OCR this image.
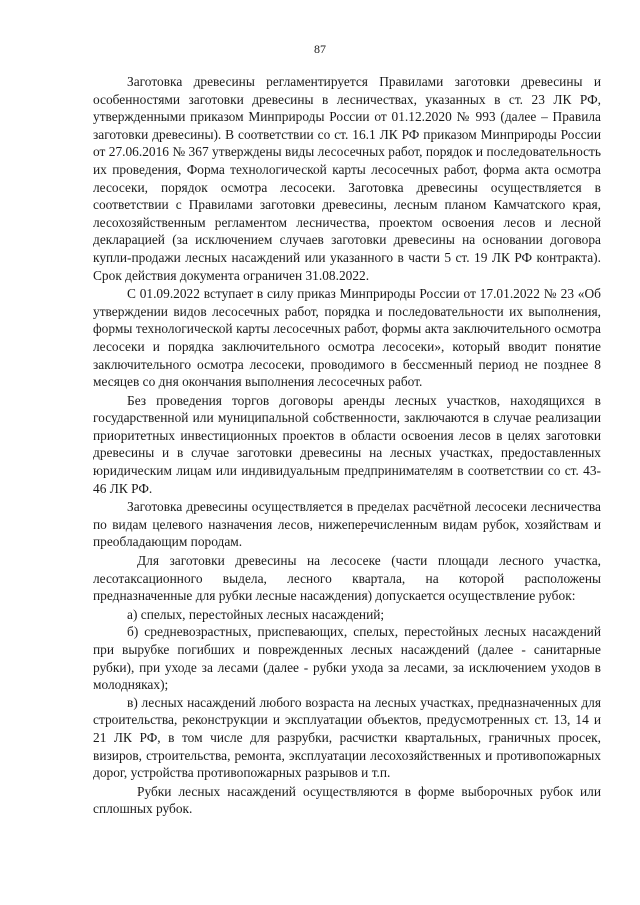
87

Заготовка древесины регламентируется Правилами заготовки древесины и особенностями заготовки древесины в лесничествах, указанных в ст. 23 ЛК РФ, утвержденными приказом Минприроды России от 01.12.2020 № 993 (далее – Правила заготовки древесины). В соответствии со ст. 16.1 ЛК РФ приказом Минприроды России от 27.06.2016 № 367 утверждены виды лесосечных работ, порядок и последовательность их проведения, Форма технологической карты лесосечных работ, форма акта осмотра лесосеки, порядок осмотра лесосеки. Заготовка древесины осуществляется в соответствии с Правилами заготовки древесины, лесным планом Камчатского края, лесохозяйственным регламентом лесничества, проектом освоения лесов и лесной декларацией (за исключением случаев заготовки древесины на основании договора купли-продажи лесных насаждений или указанного в части 5 ст. 19 ЛК РФ контракта). Срок действия документа ограничен 31.08.2022.

С 01.09.2022 вступает в силу приказ Минприроды России от 17.01.2022 № 23 «Об утверждении видов лесосечных работ, порядка и последовательности их выполнения, формы технологической карты лесосечных работ, формы акта заключительного осмотра лесосеки и порядка заключительного осмотра лесосеки», который вводит понятие заключительного осмотра лесосеки, проводимого в бессменный период не позднее 8 месяцев со дня окончания выполнения лесосечных работ.

Без проведения торгов договоры аренды лесных участков, находящихся в государственной или муниципальной собственности, заключаются в случае реализации приоритетных инвестиционных проектов в области освоения лесов в целях заготовки древесины и в случае заготовки древесины на лесных участках, предоставленных юридическим лицам или индивидуальным предпринимателям в соответствии со ст. 43-46 ЛК РФ.

Заготовка древесины осуществляется в пределах расчётной лесосеки лесничества по видам целевого назначения лесов, нижеперечисленным видам рубок, хозяйствам и преобладающим породам.

Для заготовки древесины на лесосеке (части площади лесного участка, лесотаксационного выдела, лесного квартала, на которой расположены предназначенные для рубки лесные насаждения) допускается осуществление рубок:

а) спелых, перестойных лесных насаждений;

б) средневозрастных, приспевающих, спелых, перестойных лесных насаждений при вырубке погибших и поврежденных лесных насаждений (далее - санитарные рубки), при уходе за лесами (далее - рубки ухода за лесами, за исключением уходов в молодняках);

в) лесных насаждений любого возраста на лесных участках, предназначенных для строительства, реконструкции и эксплуатации объектов, предусмотренных ст. 13, 14 и 21 ЛК РФ, в том числе для разрубки, расчистки квартальных, граничных просек, визиров, строительства, ремонта, эксплуатации лесохозяйственных и противопожарных дорог, устройства противопожарных разрывов и т.п.

Рубки лесных насаждений осуществляются в форме выборочных рубок или сплошных рубок.
